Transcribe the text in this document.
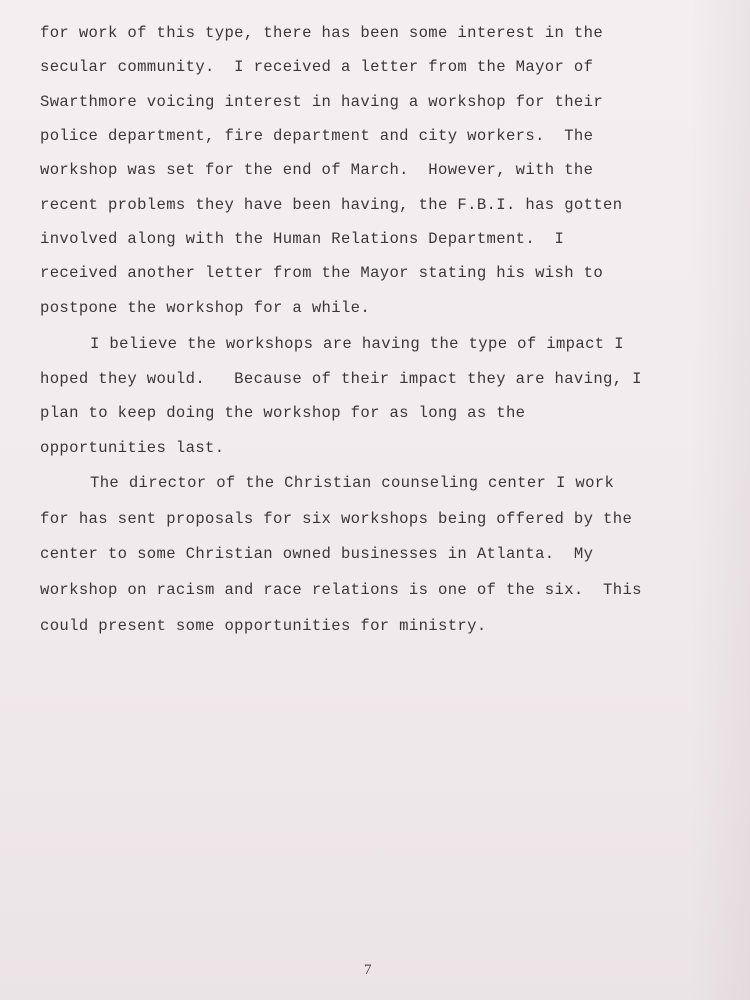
for work of this type, there has been some interest in the
secular community.  I received a letter from the Mayor of
Swarthmore voicing interest in having a workshop for their
police department, fire department and city workers.  The
workshop was set for the end of March.  However, with the
recent problems they have been having, the F.B.I. has gotten
involved along with the Human Relations Department.  I
received another letter from the Mayor stating his wish to
postpone the workshop for a while.
I believe the workshops are having the type of impact I
hoped they would.   Because of their impact they are having, I
plan to keep doing the workshop for as long as the
opportunities last.
The director of the Christian counseling center I work
for has sent proposals for six workshops being offered by the
center to some Christian owned businesses in Atlanta.  My
workshop on racism and race relations is one of the six.  This
could present some opportunities for ministry.
7
